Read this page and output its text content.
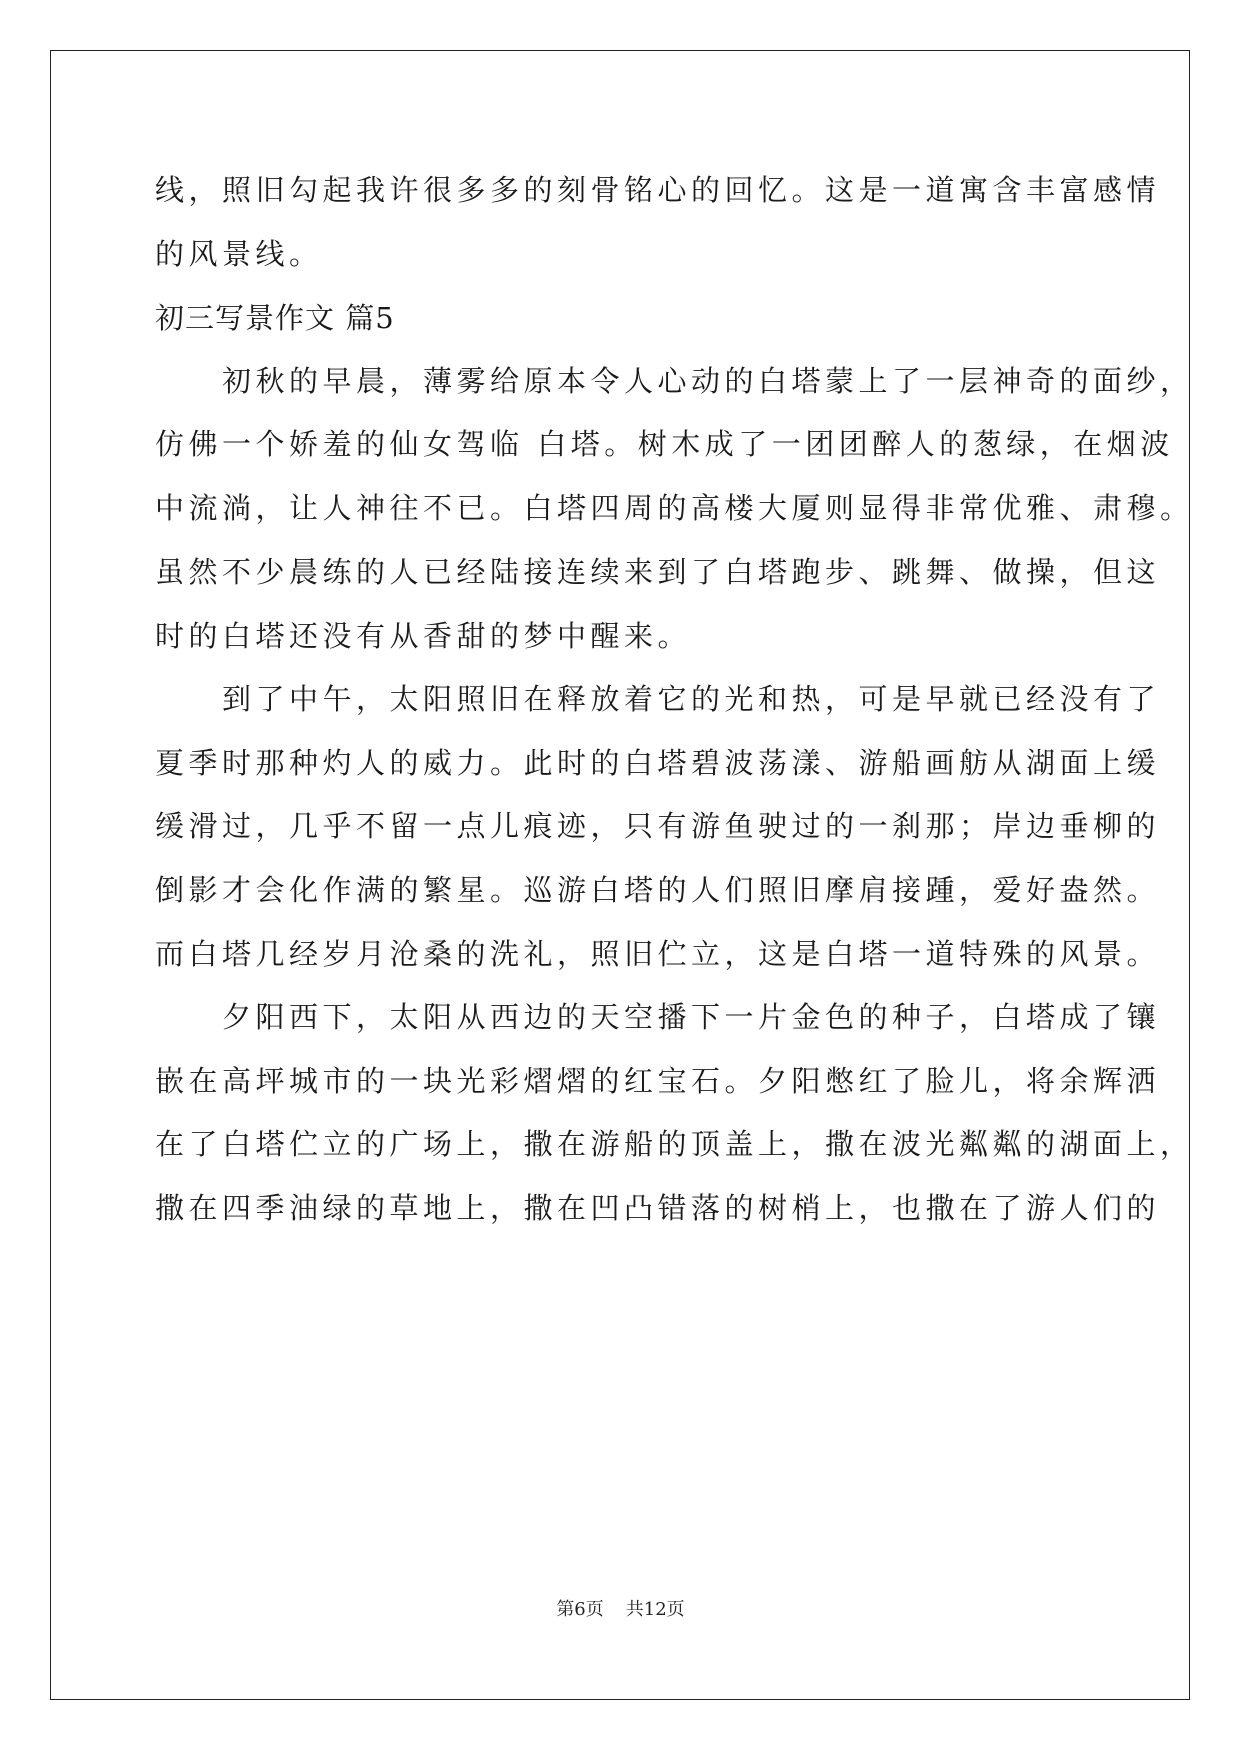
线，照旧勾起我许很多多的刻骨铭心的回忆。这是一道寓含丰富感情
的风景线。
初三写景作文 篇5
　　初秋的早晨，薄雾给原本令人心动的白塔蒙上了一层神奇的面纱，
仿佛一个娇羞的仙女驾临 白塔。树木成了一团团醉人的葱绿，在烟波
中流淌，让人神往不已。白塔四周的高楼大厦则显得非常优雅、肃穆。
虽然不少晨练的人已经陆接连续来到了白塔跑步、跳舞、做操，但这
时的白塔还没有从香甜的梦中醒来。
　　到了中午，太阳照旧在释放着它的光和热，可是早就已经没有了
夏季时那种灼人的威力。此时的白塔碧波荡漾、游船画舫从湖面上缓
缓滑过，几乎不留一点儿痕迹，只有游鱼驶过的一刹那；岸边垂柳的
倒影才会化作满的繁星。巡游白塔的人们照旧摩肩接踵，爱好盎然。
而白塔几经岁月沧桑的洗礼，照旧伫立，这是白塔一道特殊的风景。
　　夕阳西下，太阳从西边的天空播下一片金色的种子，白塔成了镶
嵌在高坪城市的一块光彩熠熠的红宝石。夕阳憋红了脸儿，将余辉洒
在了白塔伫立的广场上，撒在游船的顶盖上，撒在波光粼粼的湖面上，
撒在四季油绿的草地上，撒在凹凸错落的树梢上，也撒在了游人们的
第6页 共12页
